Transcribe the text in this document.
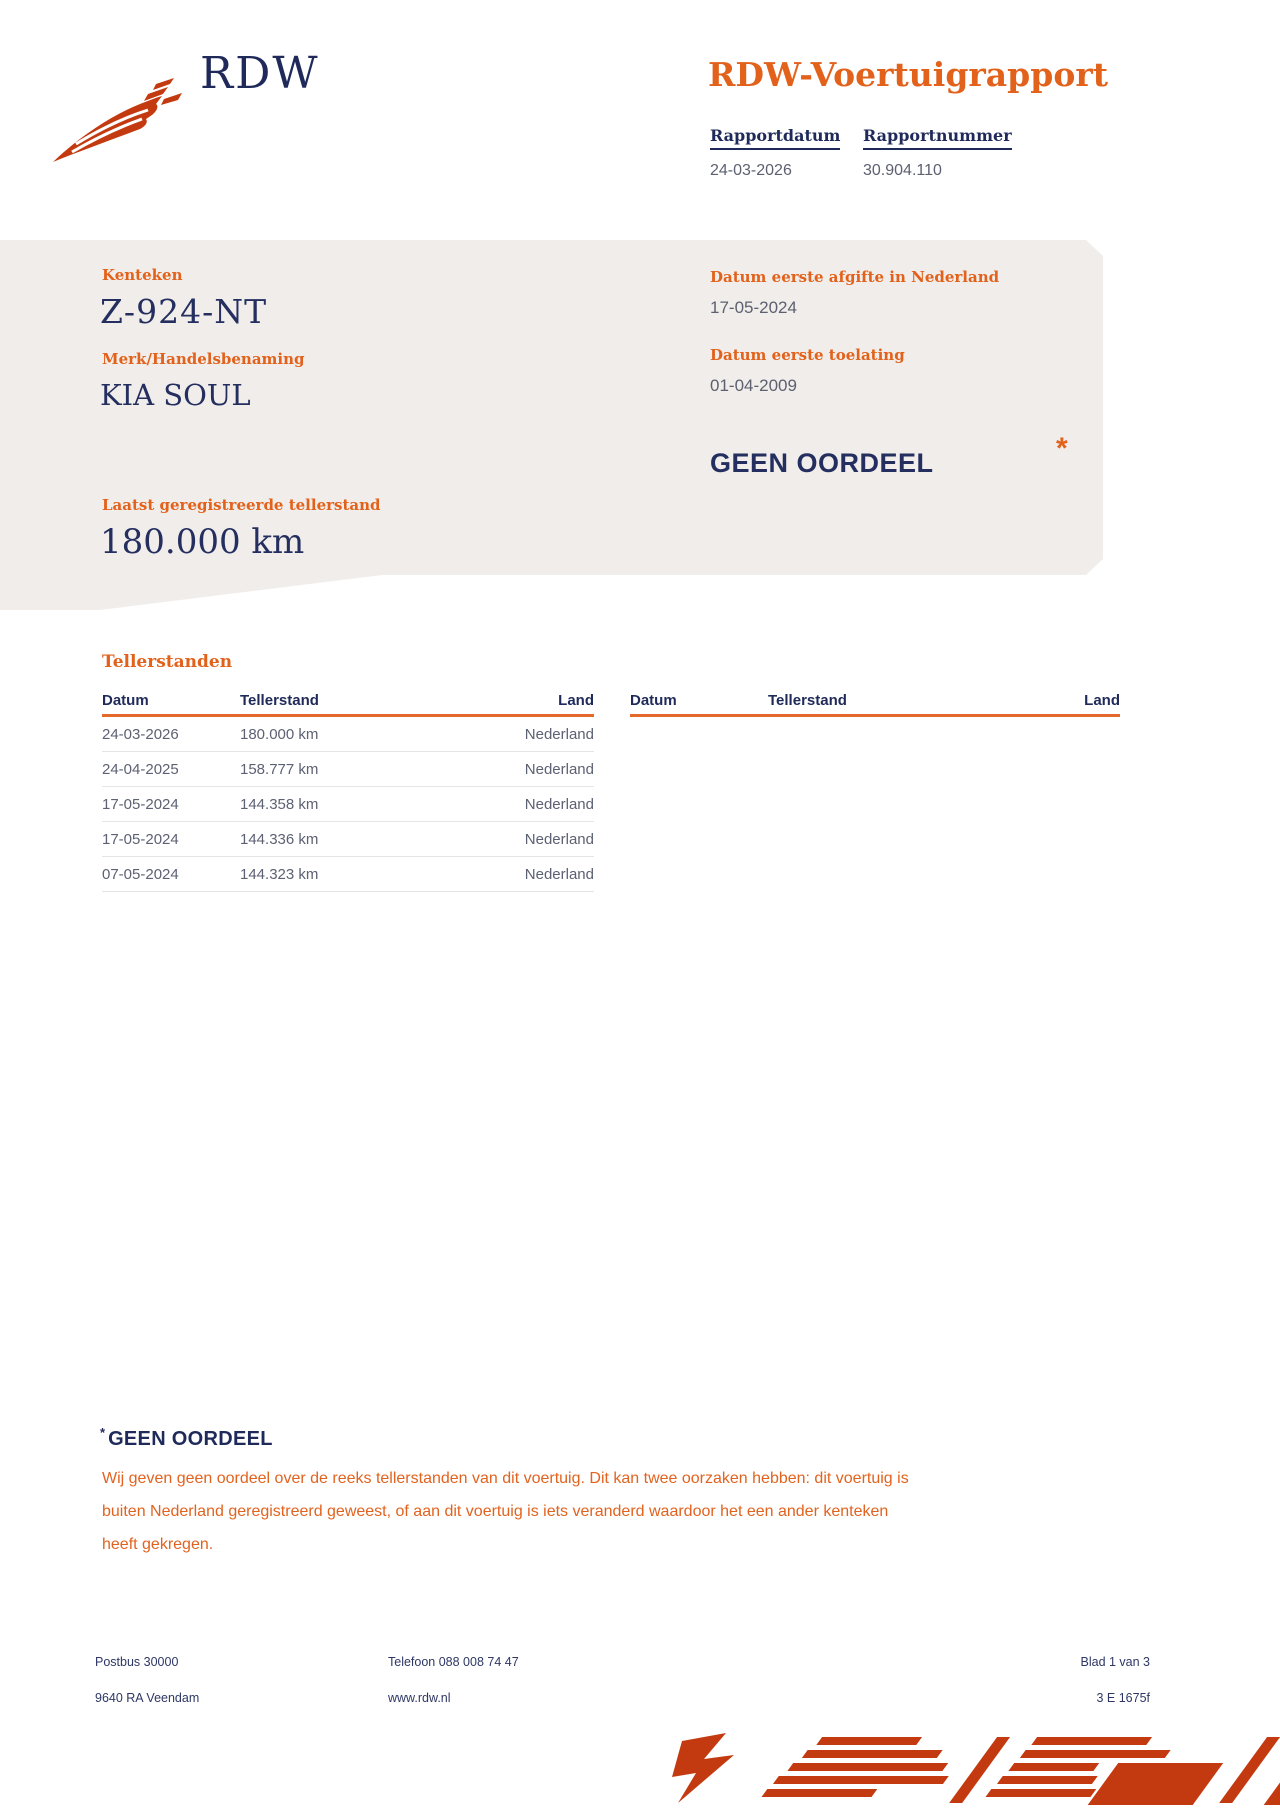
RDW	RDW-Voertuigrapport
Rapportdatum Rapportnummer
24-03-2026	30.904.110
Kenteken
Z-924-NT
Merk/Handelsbenaming
KIA SOUL
Datum eerste afgifte in Nederland
17-05-2024
Datum eerste toelating
01-04-2009
GEEN OORDEEL	*
Laatst geregistreerde tellerstand
180.000 km
Tellerstanden
Datum	Tellerstand	Land
24-03-2026	180.000 km	Nederland
24-04-2025	158.777 km	Nederland
17-05-2024	144.358 km	Nederland
17-05-2024	144.336 km	Nederland
07-05-2024	144.323 km	Nederland
Datum	Tellerstand	Land
* GEEN OORDEEL
Wij geven geen oordeel over de reeks tellerstanden van dit voertuig. Dit kan twee oorzaken hebben: dit voertuig is
buiten Nederland geregistreerd geweest, of aan dit voertuig is iets veranderd waardoor het een ander kenteken
heeft gekregen.
Postbus 30000
9640 RA Veendam
Telefoon 088 008 74 47
www.rdw.nl
Blad 1 van 3
3 E 1675f
